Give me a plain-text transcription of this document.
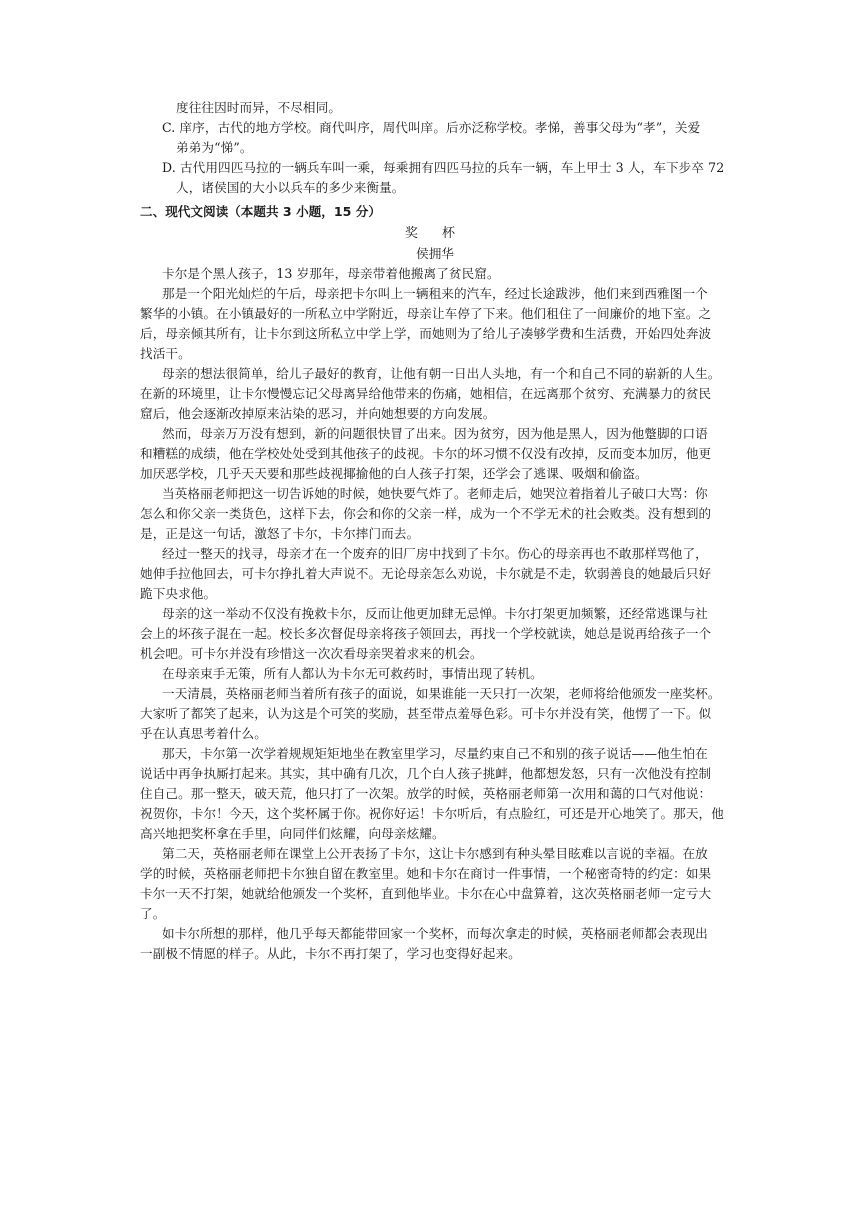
度往往因时而异，不尽相同。
C. 庠序，古代的地方学校。商代叫序，周代叫庠。后亦泛称学校。孝悌，善事父母为“孝”，关爱
弟弟为“悌”。
D. 古代用四匹马拉的一辆兵车叫一乘，每乘拥有四匹马拉的兵车一辆，车上甲士 3 人，车下步卒 72
人，诸侯国的大小以兵车的多少来衡量。
二、现代文阅读（本题共 3 小题，15 分）
奖 杯
侯拥华
卡尔是个黑人孩子，13 岁那年，母亲带着他搬离了贫民窟。
那是一个阳光灿烂的午后，母亲把卡尔叫上一辆租来的汽车，经过长途跋涉，他们来到西雅图一个
繁华的小镇。在小镇最好的一所私立中学附近，母亲让车停了下来。他们租住了一间廉价的地下室。之
后，母亲倾其所有，让卡尔到这所私立中学上学，而她则为了给儿子凑够学费和生活费，开始四处奔波
找活干。
母亲的想法很简单，给儿子最好的教育，让他有朝一日出人头地，有一个和自己不同的崭新的人生。
在新的环境里，让卡尔慢慢忘记父母离异给他带来的伤痛，她相信，在远离那个贫穷、充满暴力的贫民
窟后，他会逐渐改掉原来沾染的恶习，并向她想要的方向发展。
然而，母亲万万没有想到，新的问题很快冒了出来。因为贫穷，因为他是黑人，因为他蹩脚的口语
和糟糕的成绩，他在学校处处受到其他孩子的歧视。卡尔的坏习惯不仅没有改掉，反而变本加厉，他更
加厌恶学校，几乎天天要和那些歧视揶揄他的白人孩子打架，还学会了逃课、吸烟和偷盗。
当英格丽老师把这一切告诉她的时候，她快要气炸了。老师走后，她哭泣着指着儿子破口大骂：你
怎么和你父亲一类货色，这样下去，你会和你的父亲一样，成为一个不学无术的社会败类。没有想到的
是，正是这一句话，激怒了卡尔，卡尔摔门而去。
经过一整天的找寻，母亲才在一个废弃的旧厂房中找到了卡尔。伤心的母亲再也不敢那样骂他了，
她伸手拉他回去，可卡尔挣扎着大声说不。无论母亲怎么劝说，卡尔就是不走，软弱善良的她最后只好
跪下央求他。
母亲的这一举动不仅没有挽救卡尔，反而让他更加肆无忌惮。卡尔打架更加频繁，还经常逃课与社
会上的坏孩子混在一起。校长多次督促母亲将孩子领回去，再找一个学校就读，她总是说再给孩子一个
机会吧。可卡尔并没有珍惜这一次次看母亲哭着求来的机会。
在母亲束手无策，所有人都认为卡尔无可救药时，事情出现了转机。
一天清晨，英格丽老师当着所有孩子的面说，如果谁能一天只打一次架，老师将给他颁发一座奖杯。
大家听了都笑了起来，认为这是个可笑的奖励，甚至带点羞辱色彩。可卡尔并没有笑，他愣了一下。似
乎在认真思考着什么。
那天，卡尔第一次学着规规矩矩地坐在教室里学习，尽量约束自己不和别的孩子说话——他生怕在
说话中再争执厮打起来。其实，其中确有几次，几个白人孩子挑衅，他都想发怒，只有一次他没有控制
住自己。那一整天，破天荒，他只打了一次架。放学的时候，英格丽老师第一次用和蔼的口气对他说：
祝贺你，卡尔！今天，这个奖杯属于你。祝你好运！卡尔听后，有点脸红，可还是开心地笑了。那天，他
高兴地把奖杯拿在手里，向同伴们炫耀，向母亲炫耀。
第二天，英格丽老师在课堂上公开表扬了卡尔，这让卡尔感到有种头晕目眩难以言说的幸福。在放
学的时候，英格丽老师把卡尔独自留在教室里。她和卡尔在商讨一件事情，一个秘密奇特的约定：如果
卡尔一天不打架，她就给他颁发一个奖杯，直到他毕业。卡尔在心中盘算着，这次英格丽老师一定亏大
了。
如卡尔所想的那样，他几乎每天都能带回家一个奖杯，而每次拿走的时候，英格丽老师都会表现出
一副极不情愿的样子。从此，卡尔不再打架了，学习也变得好起来。
